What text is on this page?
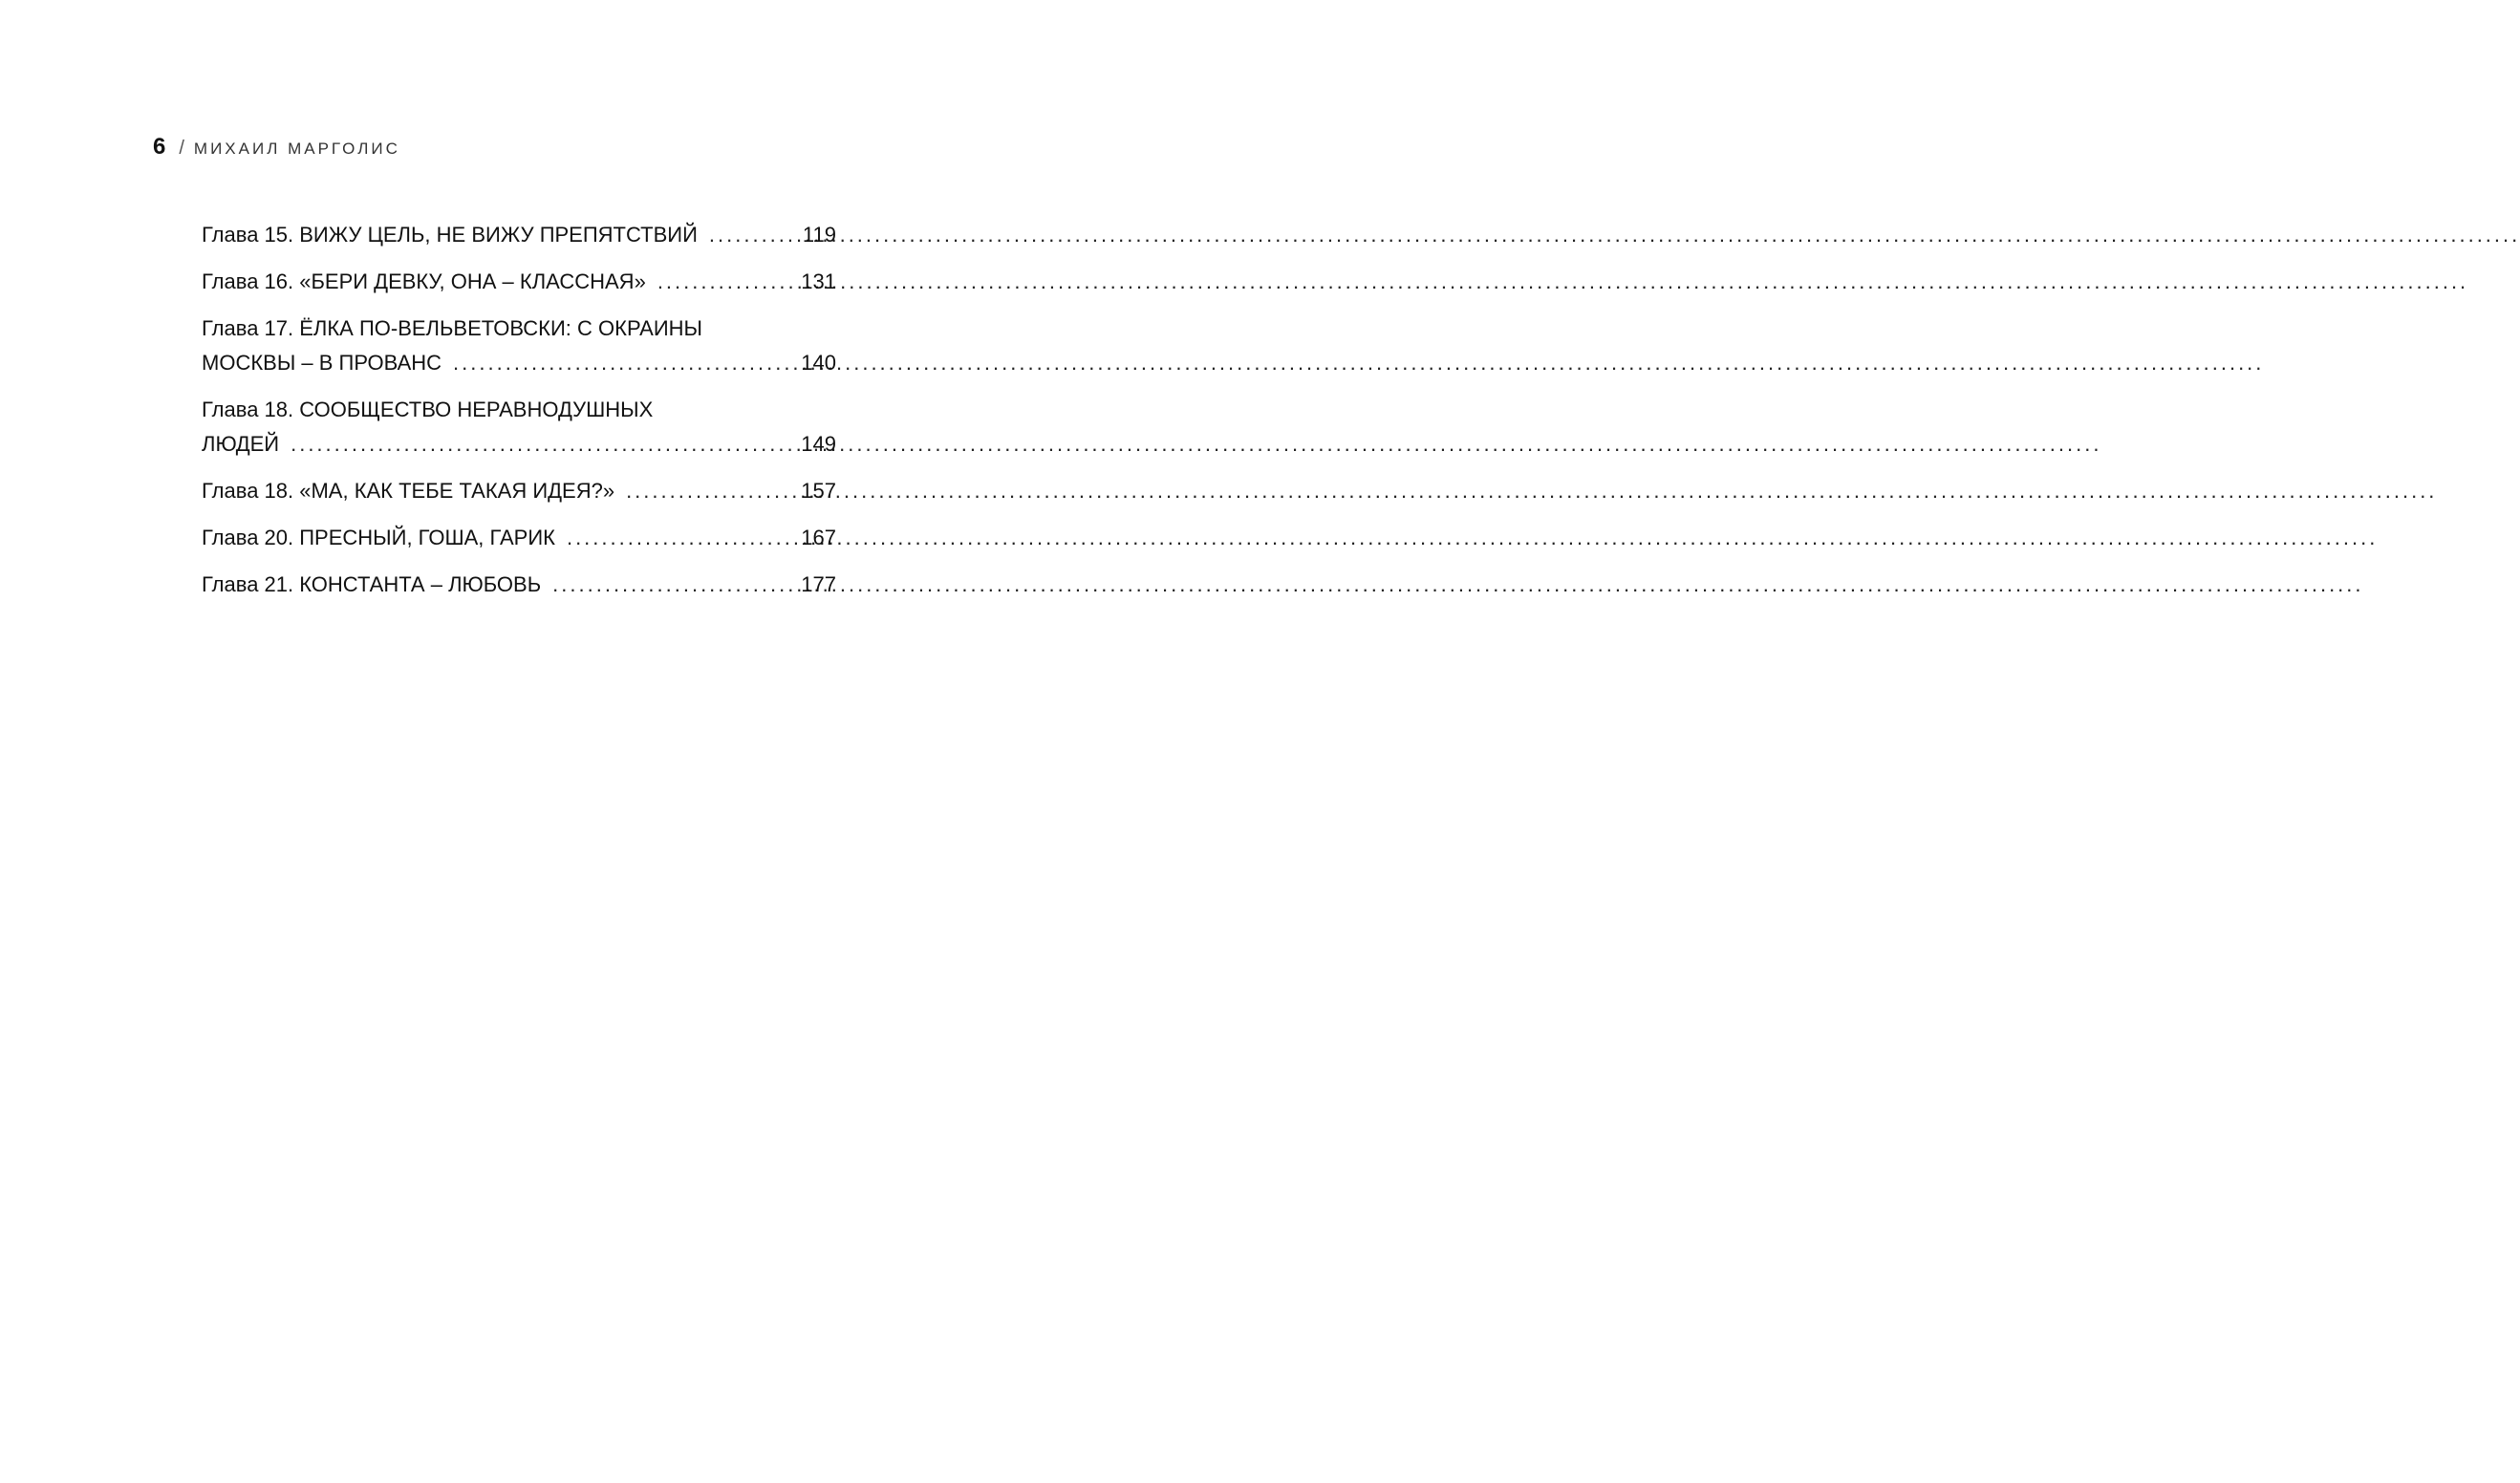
6 / МИХАИЛ МАРГОЛИС
Глава 15. ВИЖУ ЦЕЛЬ, НЕ ВИЖУ ПРЕПЯТСТВИЙ .....	119
Глава 16. «БЕРИ ДЕВКУ, ОНА – КЛАССНАЯ» .....	131
Глава 17. ЁЛКА ПО-ВЕЛЬВЕТОВСКИ: С ОКРАИНЫ
МОСКВЫ – В ПРОВАНС .....	140
Глава 18. СООБЩЕСТВО НЕРАВНОДУШНЫХ
ЛЮДЕЙ .....	149
Глава 18. «МА, КАК ТЕБЕ ТАКАЯ ИДЕЯ?» .....	157
Глава 20. ПРЕСНЫЙ, ГОША, ГАРИК .....	167
Глава 21. КОНСТАНТА – ЛЮБОВЬ .....	177
